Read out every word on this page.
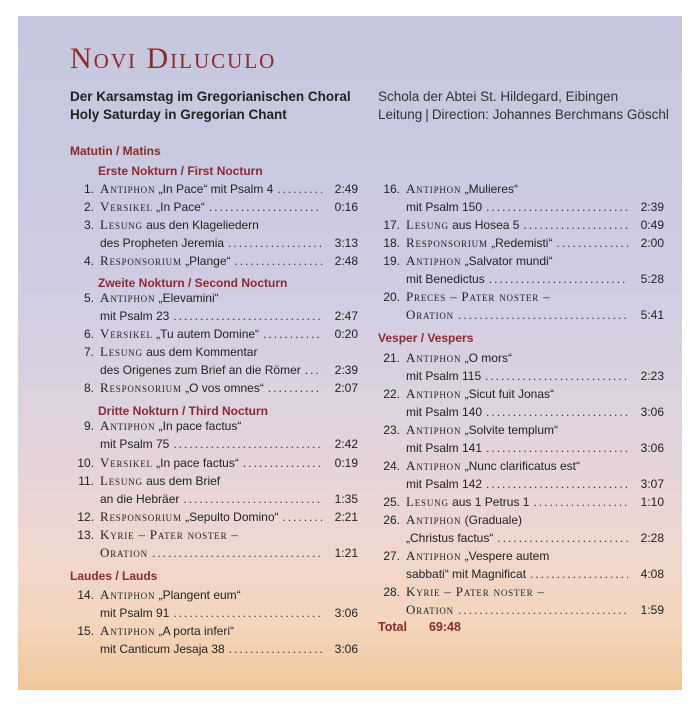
Novi Diluculo
Der Karsamstag im Gregorianischen Choral
Holy Saturday in Gregorian Chant
Schola der Abtei St. Hildegard, Eibingen
Leitung | Direction: Johannes Berchmans Göschl
Matutin / Matins
Erste Nokturn / First Nocturn
Zweite Nokturn / Second Nocturn
Dritte Nokturn / Third Nocturn
Laudes / Lauds
Vesper / Vespers
1. Antiphon „In Pace“ mit Psalm 4 .....	2:49
2. Versikel „In Pace“ .....	0:16
3. Lesung aus den Klageliedern
des Propheten Jeremia .....	3:13
4. Responsorium „Plange“ .....	2:48
5. Antiphon „Elevamini“
mit Psalm 23 .....	2:47
6. Versikel „Tu autem Domine“ .....	0:20
7. Lesung aus dem Kommentar
des Origenes zum Brief an die Römer .....	2:39
8. Responsorium „O vos omnes“ .....	2:07
9. Antiphon „In pace factus“
mit Psalm 75 .....	2:42
10. Versikel „In pace factus“ .....	0:19
11. Lesung aus dem Brief
an die Hebräer .....	1:35
12. Responsorium „Sepulto Domino“ .....	2:21
13. Kyrie – Pater noster –
Oration .....	1:21
14. Antiphon „Plangent eum“
mit Psalm 91 .....	3:06
15. Antiphon „A porta inferi“
mit Canticum Jesaja 38 .....	3:06
16. Antiphon „Mulieres“
mit Psalm 150 .....	2:39
17. Lesung aus Hosea 5 .....	0:49
18. Responsorium „Redemisti“ .....	2:00
19. Antiphon „Salvator mundi“
mit Benedictus .....	5:28
20. Preces – Pater noster –
Oration .....	5:41
21. Antiphon „O mors“
mit Psalm 115 .....	2:23
22. Antiphon „Sicut fuit Jonas“
mit Psalm 140 .....	3:06
23. Antiphon „Solvite templum“
mit Psalm 141 .....	3:06
24. Antiphon „Nunc clarificatus est“
mit Psalm 142 .....	3:07
25. Lesung aus 1 Petrus 1 .....	1:10
26. Antiphon (Graduale)
„Christus factus“ .....	2:28
27. Antiphon „Vespere autem
sabbati“ mit Magnificat .....	4:08
28. Kyrie – Pater noster –
Oration .....	1:59
Total 69:48
